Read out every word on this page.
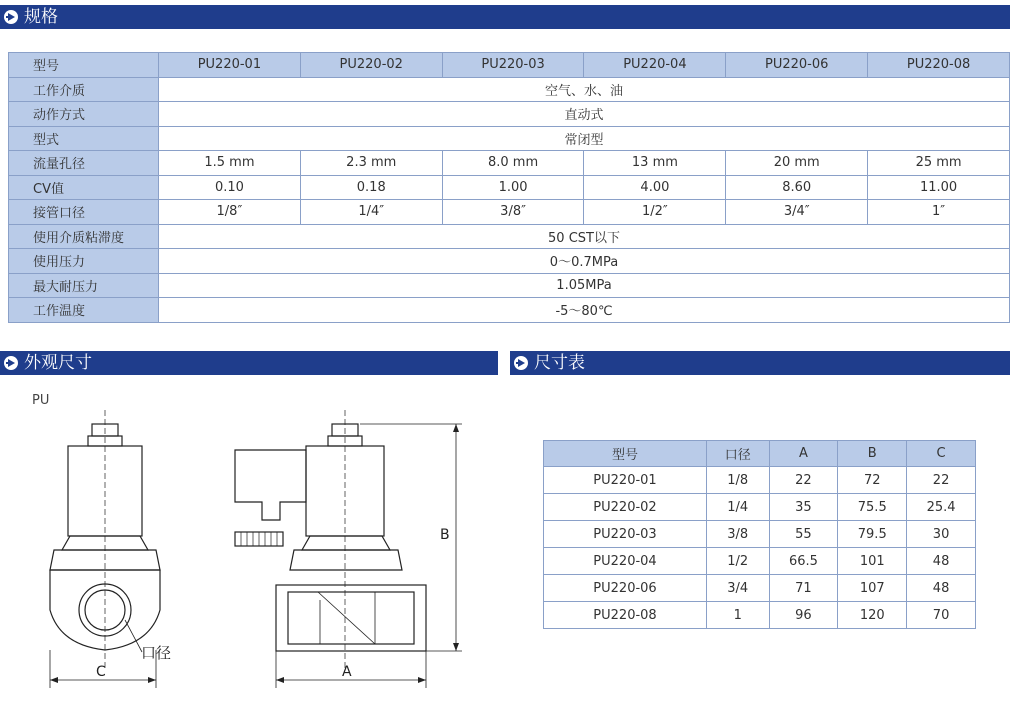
规格
外观尺寸	尺寸表
型号	PU220-01	PU220-02	PU220-03	PU220-04	PU220-06	PU220-08
工作介质	空气、水、油					
动作方式	直动式					
型式	常闭型					
流量孔径	1.5 mm	2.3 mm	8.0 mm	13 mm	20 mm	25 mm
CV值	0.10	0.18	1.00	4.00	8.60	11.00
接管口径	1/8″	1/4″	3/8″	1/2″	3/4″	1″
使用介质粘滞度	50 CST以下					
使用压力	0～0.7MPa					
最大耐压力	1.05MPa					
工作温度	-5～80℃					
PU
口径
C	A
B
型号	口径	A	B	C
PU220-01	1/8	22	72	22
PU220-02	1/4	35	75.5	25.4
PU220-03	3/8	55	79.5	30
PU220-04	1/2	66.5	101	48
PU220-06	3/4	71	107	48
PU220-08	1	96	120	70
